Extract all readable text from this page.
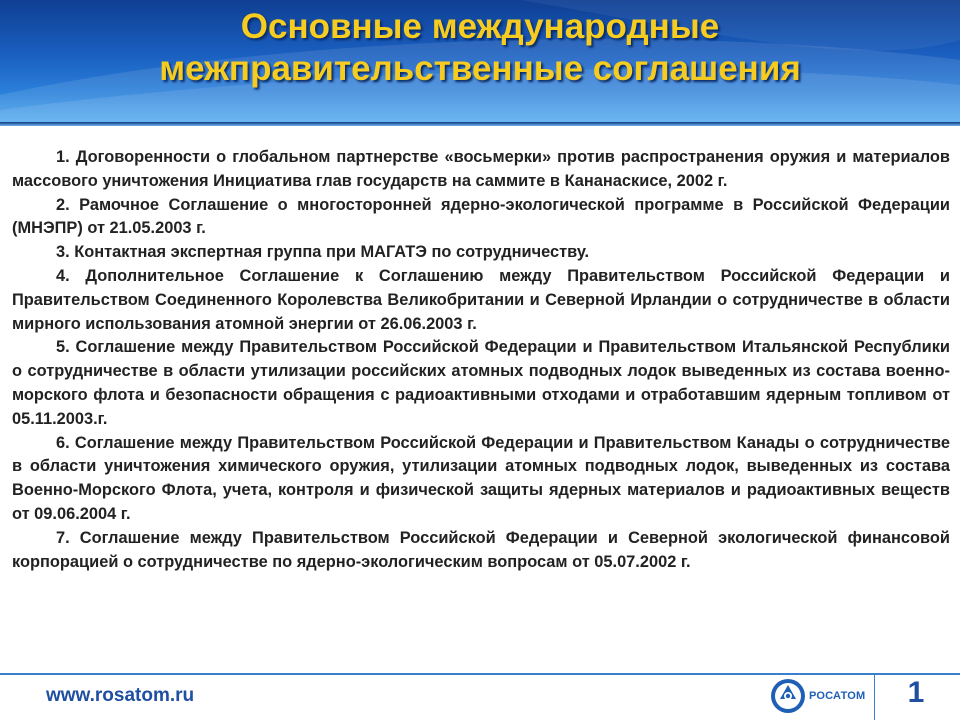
Основные международные
межправительственные соглашения

1. Договоренности о глобальном партнерстве «восьмерки» против распространения оружия и материалов массового уничтожения Инициатива глав государств на саммите в Кананаскисе, 2002 г.

2. Рамочное Соглашение о многосторонней ядерно-экологической программе в Российской Федерации (МНЭПР) от 21.05.2003 г.

3. Контактная экспертная группа при МАГАТЭ по сотрудничеству.

4. Дополнительное Соглашение к Соглашению между Правительством Российской Федерации и Правительством Соединенного Королевства Великобритании и Северной Ирландии о сотрудничестве в области мирного использования атомной энергии от 26.06.2003 г.

5. Соглашение между Правительством Российской Федерации и Правительством Итальянской Республики о сотрудничестве в области утилизации российских атомных подводных лодок выведенных из состава военно-морского флота и безопасности обращения с радиоактивными отходами и отработавшим ядерным топливом от 05.11.2003.г.

6. Соглашение между Правительством Российской Федерации и Правительством Канады о сотрудничестве в области уничтожения химического оружия, утилизации атомных подводных лодок, выведенных из состава Военно-Морского Флота, учета, контроля и физической защиты ядерных материалов и радиоактивных веществ от 09.06.2004 г.

7. Соглашение между Правительством Российской Федерации и Северной экологической финансовой корпорацией о сотрудничестве по ядерно-экологическим вопросам от 05.07.2002 г.

www.rosatom.ru	РОСАТОМ	1
